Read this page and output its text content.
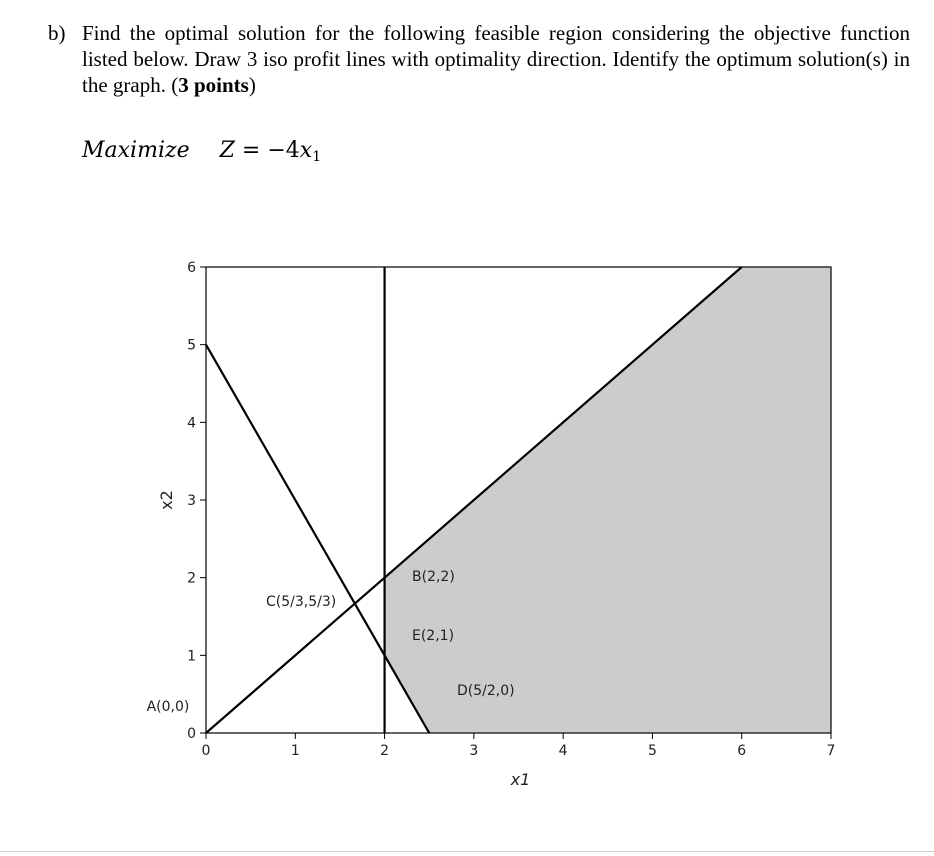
b) Find the optimal solution for the following feasible region considering the objective function listed below. Draw 3 iso profit lines with optimality direction. Identify the optimum solution(s) in the graph. (3 points)
Maximize $Z = -4x_1$
0	1	2	3	4	5	6	7
0
1
2
3
4
5
6
x1
x2
A(0,0)
B(2,2)
C(5/3,5/3)
D(5/2,0)
E(2,1)
